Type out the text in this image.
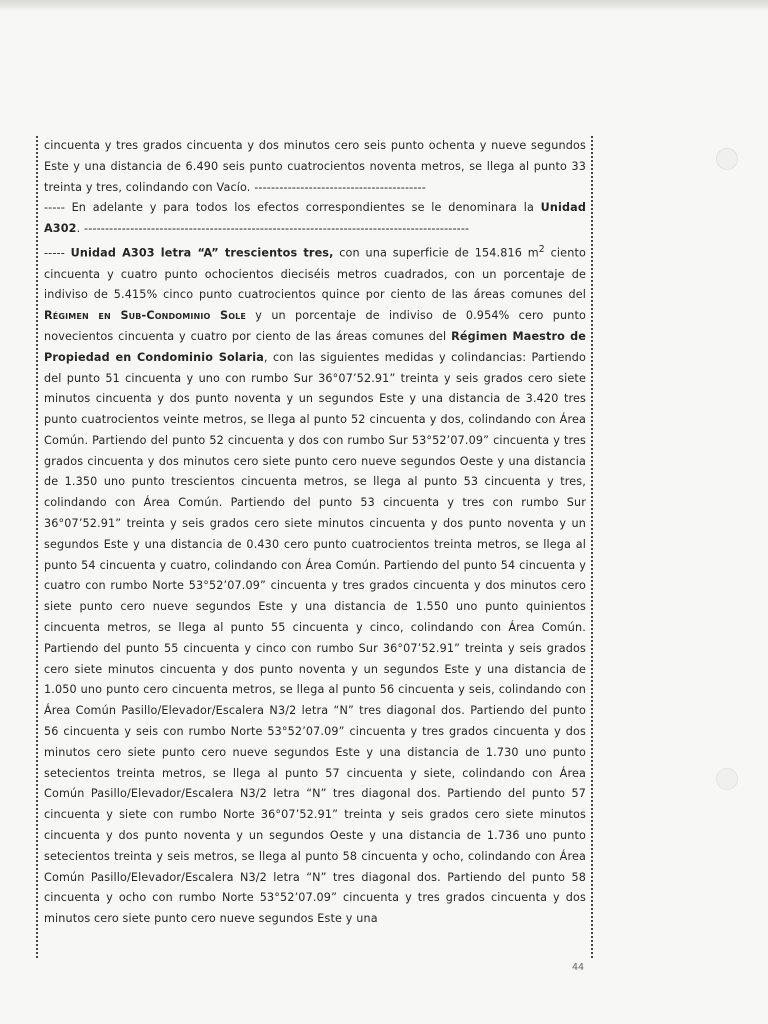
cincuenta y tres grados cincuenta y dos minutos cero seis punto ochenta y nueve segundos Este y una distancia de 6.490 seis punto cuatrocientos noventa metros, se llega al punto 33 treinta y tres, colindando con Vacío. -----------------------------------------

----- En adelante y para todos los efectos correspondientes se le denominara la Unidad A302. --------------------------------------------------------------------------------------------

----- Unidad A303 letra “A” trescientos tres, con una superficie de 154.816 $m^2$ ciento cincuenta y cuatro punto ochocientos dieciséis metros cuadrados, con un porcentaje de indiviso de 5.415% cinco punto cuatrocientos quince por ciento de las áreas comunes del Régimen en Sub-Condominio Sole y un porcentaje de indiviso de 0.954% cero punto novecientos cincuenta y cuatro por ciento de las áreas comunes del Régimen Maestro de Propiedad en Condominio Solaria, con las siguientes medidas y colindancias: Partiendo del punto 51 cincuenta y uno con rumbo Sur 36°07’52.91” treinta y seis grados cero siete minutos cincuenta y dos punto noventa y un segundos Este y una distancia de 3.420 tres punto cuatrocientos veinte metros, se llega al punto 52 cincuenta y dos, colindando con Área Común. Partiendo del punto 52 cincuenta y dos con rumbo Sur 53°52’07.09” cincuenta y tres grados cincuenta y dos minutos cero siete punto cero nueve segundos Oeste y una distancia de 1.350 uno punto trescientos cincuenta metros, se llega al punto 53 cincuenta y tres, colindando con Área Común. Partiendo del punto 53 cincuenta y tres con rumbo Sur 36°07’52.91” treinta y seis grados cero siete minutos cincuenta y dos punto noventa y un segundos Este y una distancia de 0.430 cero punto cuatrocientos treinta metros, se llega al punto 54 cincuenta y cuatro, colindando con Área Común. Partiendo del punto 54 cincuenta y cuatro con rumbo Norte 53°52’07.09” cincuenta y tres grados cincuenta y dos minutos cero siete punto cero nueve segundos Este y una distancia de 1.550 uno punto quinientos cincuenta metros, se llega al punto 55 cincuenta y cinco, colindando con Área Común. Partiendo del punto 55 cincuenta y cinco con rumbo Sur 36°07’52.91” treinta y seis grados cero siete minutos cincuenta y dos punto noventa y un segundos Este y una distancia de 1.050 uno punto cero cincuenta metros, se llega al punto 56 cincuenta y seis, colindando con Área Común Pasillo/Elevador/Escalera N3/2 letra “N” tres diagonal dos. Partiendo del punto 56 cincuenta y seis con rumbo Norte 53°52’07.09” cincuenta y tres grados cincuenta y dos minutos cero siete punto cero nueve segundos Este y una distancia de 1.730 uno punto setecientos treinta metros, se llega al punto 57 cincuenta y siete, colindando con Área Común Pasillo/Elevador/Escalera N3/2 letra “N” tres diagonal dos. Partiendo del punto 57 cincuenta y siete con rumbo Norte 36°07’52.91” treinta y seis grados cero siete minutos cincuenta y dos punto noventa y un segundos Oeste y una distancia de 1.736 uno punto setecientos treinta y seis metros, se llega al punto 58 cincuenta y ocho, colindando con Área Común Pasillo/Elevador/Escalera N3/2 letra “N” tres diagonal dos. Partiendo del punto 58 cincuenta y ocho con rumbo Norte 53°52’07.09” cincuenta y tres grados cincuenta y dos minutos cero siete punto cero nueve segundos Este y una

44
